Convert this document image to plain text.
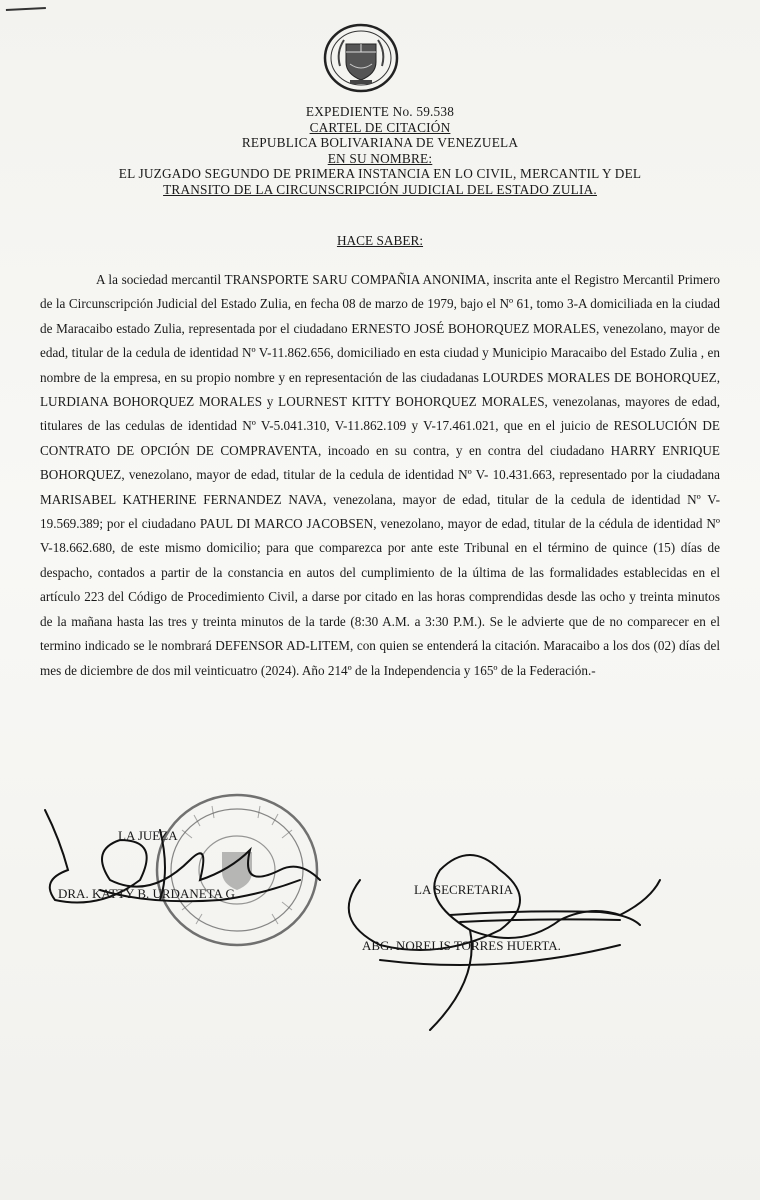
EXPEDIENTE No. 59.538
CARTEL DE CITACIÓN
REPUBLICA BOLIVARIANA DE VENEZUELA
EN SU NOMBRE:
EL JUZGADO SEGUNDO DE PRIMERA INSTANCIA EN LO CIVIL, MERCANTIL Y DEL
TRANSITO DE LA CIRCUNSCRIPCIÓN JUDICIAL DEL ESTADO ZULIA.
HACE SABER:
A la sociedad mercantil TRANSPORTE SARU COMPAÑIA ANONIMA, inscrita ante el Registro Mercantil Primero de la Circunscripción Judicial del Estado Zulia, en fecha 08 de marzo de 1979, bajo el Nº 61, tomo 3-A domiciliada en la ciudad de Maracaibo estado Zulia, representada por el ciudadano ERNESTO JOSÉ BOHORQUEZ MORALES, venezolano, mayor de edad, titular de la cedula de identidad Nº V-11.862.656, domiciliado en esta ciudad y Municipio Maracaibo del Estado Zulia , en nombre de la empresa, en su propio nombre y en representación de las ciudadanas LOURDES MORALES DE BOHORQUEZ, LURDIANA BOHORQUEZ MORALES y LOURNEST KITTY BOHORQUEZ MORALES, venezolanas, mayores de edad, titulares de las cedulas de identidad Nº V-5.041.310, V-11.862.109 y V-17.461.021, que en el juicio de RESOLUCIÓN DE CONTRATO DE OPCIÓN DE COMPRAVENTA, incoado en su contra, y en contra del ciudadano HARRY ENRIQUE BOHORQUEZ, venezolano, mayor de edad, titular de la cedula de identidad Nº V- 10.431.663, representado por la ciudadana MARISABEL KATHERINE FERNANDEZ NAVA, venezolana, mayor de edad, titular de la cedula de identidad Nº V- 19.569.389; por el ciudadano PAUL DI MARCO JACOBSEN, venezolano, mayor de edad, titular de la cédula de identidad Nº V-18.662.680, de este mismo domicilio; para que comparezca por ante este Tribunal en el término de quince (15) días de despacho, contados a partir de la constancia en autos del cumplimiento de la última de las formalidades establecidas en el artículo 223 del Código de Procedimiento Civil, a darse por citado en las horas comprendidas desde las ocho y treinta minutos de la mañana hasta las tres y treinta minutos de la tarde (8:30 A.M. a 3:30 P.M.). Se le advierte que de no comparecer en el termino indicado se le nombrará DEFENSOR AD-LITEM, con quien se entenderá la citación. Maracaibo a los dos (02) días del mes de diciembre de dos mil veinticuatro (2024). Año 214º de la Independencia y 165º de la Federación.-
LA JUEZA
DRA. KATTY B. URDANETA G	LA SECRETARIA
ABG. NORELIS TORRES HUERTA.
